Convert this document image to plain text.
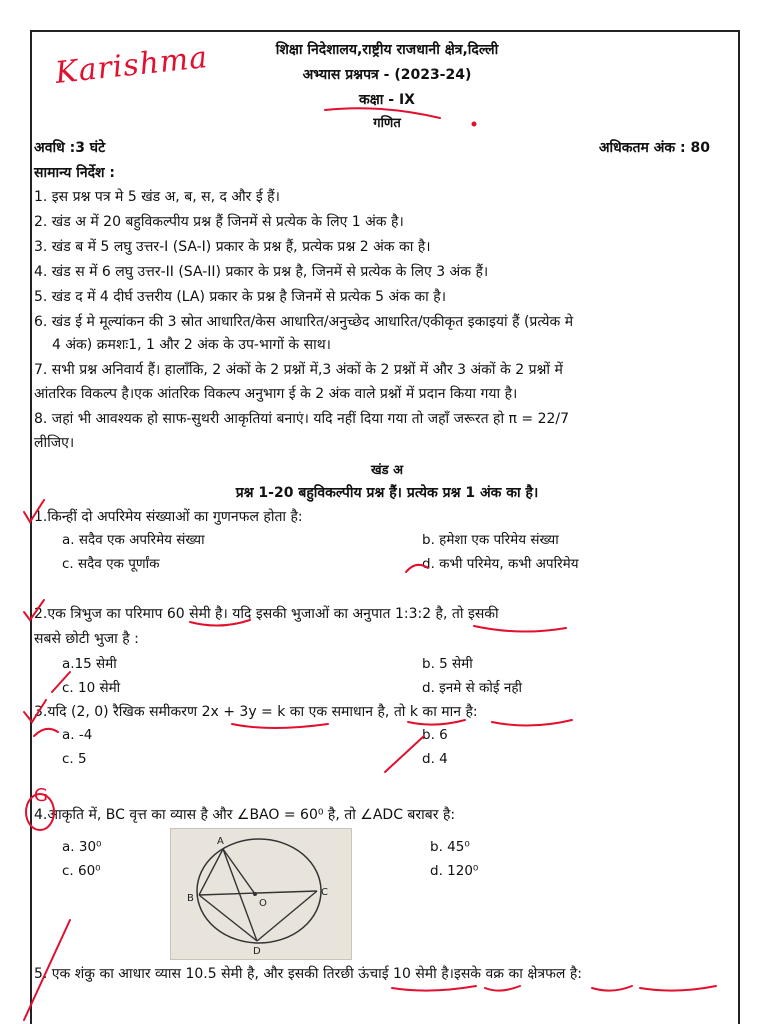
शिक्षा निदेशालय,राष्ट्रीय राजधानी क्षेत्र,दिल्ली
अभ्यास प्रश्नपत्र - (2023-24)
कक्षा - IX
गणित
अवधि :3 घंटे	अधिकतम अंक : 80
सामान्य निर्देश :
1. इस प्रश्न पत्र मे 5 खंड अ, ब, स, द और ई हैं।
2. खंड अ में 20 बहुविकल्पीय प्रश्न हैं जिनमें से प्रत्येक के लिए 1 अंक है।
3. खंड ब में 5 लघु उत्तर-I (SA-I) प्रकार के प्रश्न हैं, प्रत्येक प्रश्न 2 अंक का है।
4. खंड स में 6 लघु उत्तर-II (SA-II) प्रकार के प्रश्न है, जिनमें से प्रत्येक के लिए 3 अंक हैं।
5. खंड द में 4 दीर्घ उत्तरीय (LA) प्रकार के प्रश्न है जिनमें से प्रत्येक 5 अंक का है।
6. खंड ई मे मूल्यांकन की 3 स्रोत आधारित/केस आधारित/अनुच्छेद आधारित/एकीकृत इकाइयां हैं (प्रत्येक मे
4 अंक) क्रमशः1, 1 और 2 अंक के उप-भागों के साथ।
7. सभी प्रश्न अनिवार्य हैं। हालाँकि, 2 अंकों के 2 प्रश्नों में,3 अंकों के 2 प्रश्नों में और 3 अंकों के 2 प्रश्नों में
आंतरिक विकल्प है।एक आंतरिक विकल्प अनुभाग ई के 2 अंक वाले प्रश्नों में प्रदान किया गया है।
8. जहां भी आवश्यक हो साफ-सुथरी आकृतियां बनाएं। यदि नहीं दिया गया तो जहाँ जरूरत हो π = 22/7
लीजिए।
खंड अ
प्रश्न 1-20 बहुविकल्पीय प्रश्न हैं। प्रत्येक प्रश्न 1 अंक का है।
1.किन्हीं दो अपरिमेय संख्याओं का गुणनफल होता है:
a. सदैव एक अपरिमेय संख्या	b. हमेशा एक परिमेय संख्या
c. सदैव एक पूर्णांक	d. कभी परिमेय, कभी अपरिमेय
2.एक त्रिभुज का परिमाप 60 सेमी है। यदि इसकी भुजाओं का अनुपात 1:3:2 है, तो इसकी
सबसे छोटी भुजा है :
a.15 सेमी	b. 5 सेमी
c. 10 सेमी	d. इनमे से कोई नही
3.यदि (2, 0) रैखिक समीकरण 2x + 3y = k का एक समाधान है, तो k का मान है:
a. -4	b. 6
c. 5	d. 4
4.आकृति में, BC वृत्त का व्यास है और ∠BAO = 60⁰ है, तो ∠ADC बराबर है:
a. 30⁰	b. 45⁰
c. 60⁰	d. 120⁰
5. एक शंकु का आधार व्यास 10.5 सेमी है, और इसकी तिरछी ऊंचाई 10 सेमी है।इसके वक्र का क्षेत्रफल है:
A
B
C
D
O
Karishma
G
